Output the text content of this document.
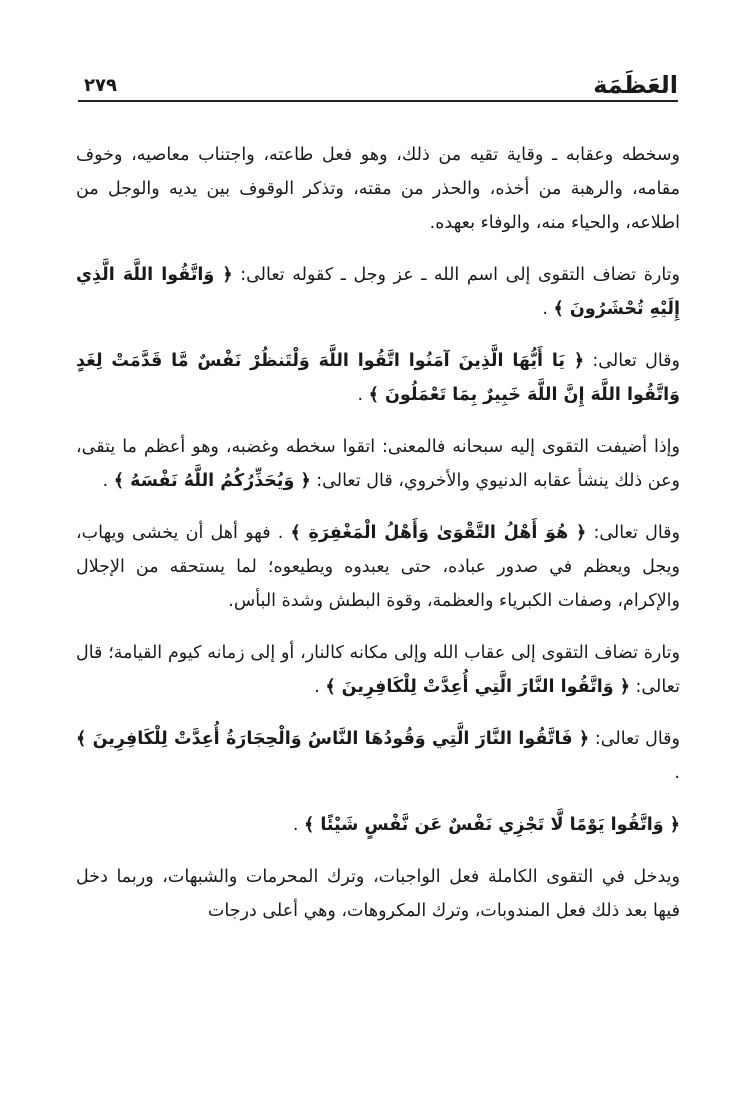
العَظَمَة
٢٧٩

وسخطه وعقابه ـ وقاية تقيه من ذلك، وهو فعل طاعته، واجتناب معاصيه، وخوف مقامه، والرهبة من أخذه، والحذر من مقته، وتذكر الوقوف بين يديه والوجل من اطلاعه، والحياء منه، والوفاء بعهده.

وتارة تضاف التقوى إلى اسم الله ـ عز وجل ـ كقوله تعالى: ﴿ وَاتَّقُوا اللَّهَ الَّذِي إِلَيْهِ تُحْشَرُونَ ﴾ .

وقال تعالى: ﴿ يَا أَيُّهَا الَّذِينَ آمَنُوا اتَّقُوا اللَّهَ وَلْتَنظُرْ نَفْسٌ مَّا قَدَّمَتْ لِغَدٍ وَاتَّقُوا اللَّهَ إِنَّ اللَّهَ خَبِيرٌ بِمَا تَعْمَلُونَ ﴾ .

وإذا أضيفت التقوى إليه سبحانه فالمعنى: اتقوا سخطه وغضبه، وهو أعظم ما يتقى، وعن ذلك ينشأ عقابه الدنيوي والأخروي، قال تعالى: ﴿ وَيُحَذِّرُكُمُ اللَّهُ نَفْسَهُ ﴾ .

وقال تعالى: ﴿ هُوَ أَهْلُ التَّقْوَىٰ وَأَهْلُ الْمَغْفِرَةِ ﴾ . فهو أهل أن يخشى ويهاب، ويجل ويعظم في صدور عباده، حتى يعبدوه ويطيعوه؛ لما يستحقه من الإجلال والإكرام، وصفات الكبرياء والعظمة، وقوة البطش وشدة البأس.

وتارة تضاف التقوى إلى عقاب الله وإلى مكانه كالنار، أو إلى زمانه كيوم القيامة؛ قال تعالى: ﴿ وَاتَّقُوا النَّارَ الَّتِي أُعِدَّتْ لِلْكَافِرِينَ ﴾ .

وقال تعالى: ﴿ فَاتَّقُوا النَّارَ الَّتِي وَقُودُهَا النَّاسُ وَالْحِجَارَةُ أُعِدَّتْ لِلْكَافِرِينَ ﴾ .

﴿ وَاتَّقُوا يَوْمًا لَّا تَجْزِي نَفْسٌ عَن نَّفْسٍ شَيْئًا ﴾ .

ويدخل في التقوى الكاملة فعل الواجبات، وترك المحرمات والشبهات، وربما دخل فيها بعد ذلك فعل المندوبات، وترك المكروهات، وهي أعلى درجات
